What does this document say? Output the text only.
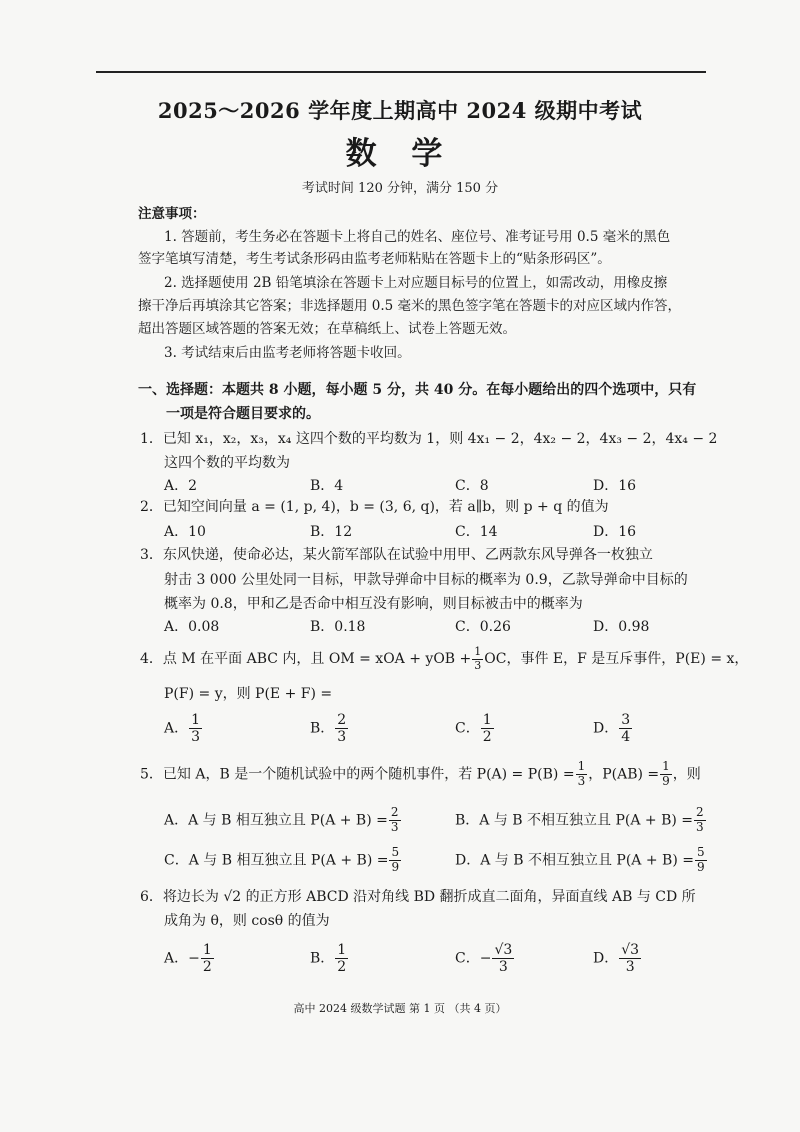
2025～2026 学年度上期高中 2024 级期中考试
数 学
考试时间 120 分钟，满分 150 分
注意事项：
1. 答题前，考生务必在答题卡上将自己的姓名、座位号、准考证号用 0.5 毫米的黑色
签字笔填写清楚，考生考试条形码由监考老师粘贴在答题卡上的“贴条形码区”。
2. 选择题使用 2B 铅笔填涂在答题卡上对应题目标号的位置上，如需改动，用橡皮擦
擦干净后再填涂其它答案；非选择题用 0.5 毫米的黑色签字笔在答题卡的对应区域内作答，
超出答题区域答题的答案无效；在草稿纸上、试卷上答题无效。
3. 考试结束后由监考老师将答题卡收回。
一、选择题：本题共 8 小题，每小题 5 分，共 40 分。在每小题给出的四个选项中，只有
一项是符合题目要求的。
1．已知 x₁，x₂，x₃，x₄ 这四个数的平均数为 1，则 4x₁ − 2，4x₂ − 2，4x₃ − 2，4x₄ − 2
这四个数的平均数为
A．2	B．4	C．8	D．16
2．已知空间向量 a = (1, p, 4)，b = (3, 6, q)，若 a∥b，则 p + q 的值为
A．10	B．12	C．14	D．16
3．东风快递，使命必达，某火箭军部队在试验中用甲、乙两款东风导弹各一枚独立
射击 3 000 公里处同一目标，甲款导弹命中目标的概率为 0.9，乙款导弹命中目标的
概率为 0.8，甲和乙是否命中相互没有影响，则目标被击中的概率为
A．0.08	B．0.18	C．0.26	D．0.98
4．点 M 在平面 ABC 内，且 OM = xOA + yOB + $\frac{1}{3}$ OC，事件 E，F 是互斥事件，P(E) = x，
P(F) = y，则 P(E + F) =
A． $\frac{1}{3}$	B． $\frac{2}{3}$	C． $\frac{1}{2}$	D． $\frac{3}{4}$
5．已知 A，B 是一个随机试验中的两个随机事件，若 $P(A) = P(B) = \frac{1}{3}$ ，$P(AB) = \frac{1}{9}$ ，则
A．A 与 B 相互独立且 $P(A + B) = \frac{2}{3}$	B．A 与 B 不相互独立且 $P(A + B) = \frac{2}{3}$
C．A 与 B 相互独立且 $P(A + B) = \frac{5}{9}$	D．A 与 B 不相互独立且 $P(A + B) = \frac{5}{9}$
6．将边长为 √2 的正方形 ABCD 沿对角线 BD 翻折成直二面角，异面直线 AB 与 CD 所
成角为 θ，则 cosθ 的值为
A．− $\frac{1}{2}$	B． $\frac{1}{2}$	C．− $\frac{√3}{3}$	D． $\frac{√3}{3}$
高中 2024 级数学试题 第 1 页 （共 4 页）
